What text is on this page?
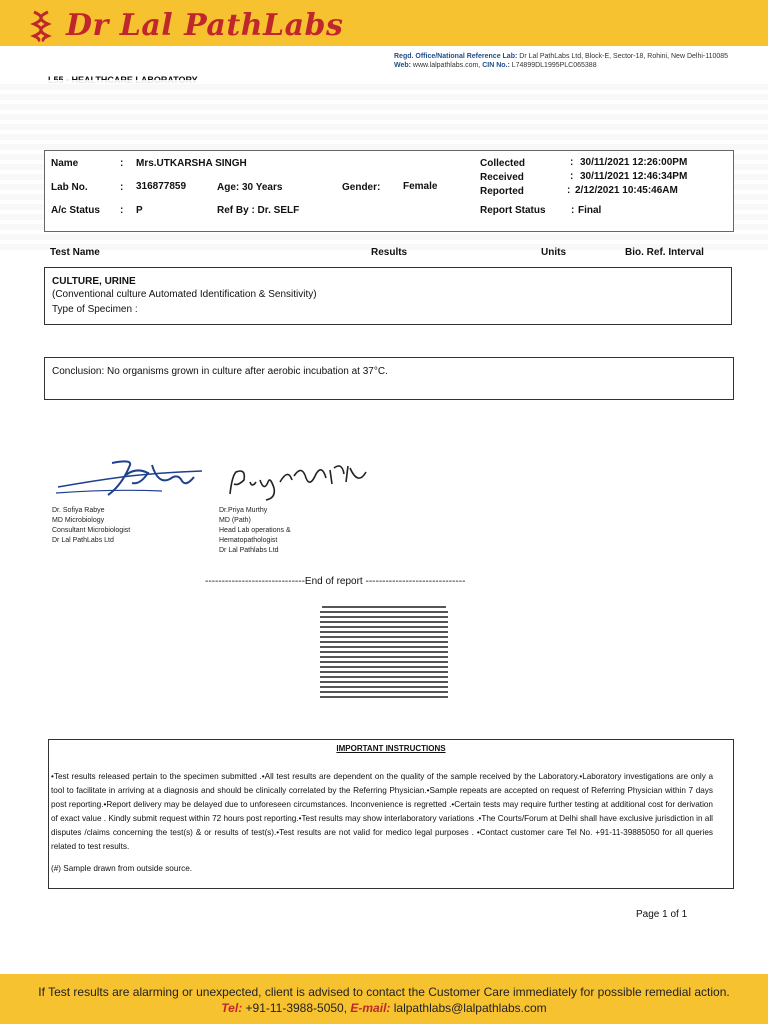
Dr Lal PathLabs
Regd. Office/National Reference Lab: Dr Lal PathLabs Ltd, Block-E, Sector-18, Rohini, New Delhi-110085
Web: www.lalpathlabs.com, CIN No.: L74899DL1995PLC065388
Name	: Mrs.UTKARSHA SINGH
Lab No.	: 316877859	Age: 30 Years	Gender: Female
A/c Status : P	Ref By : Dr. SELF
Collected	: 30/11/2021 12:26:00PM
Received	: 30/11/2021 12:46:34PM
Reported	: 2/12/2021 10:45:46AM
Report Status	: Final
Test Name	Results	Units	Bio. Ref. Interval
CULTURE, URINE
(Conventional culture Automated Identification & Sensitivity)
Type of Specimen :
Conclusion: No organisms grown in culture after aerobic incubation at 37°C.
Dr. Sofiya Rabye
MD Microbiology
Consultant Microbiologist
Dr Lal PathLabs Ltd
Dr.Priya Murthy
MD (Path)
Head Lab operations &
Hematopathologist
Dr Lal Pathlabs Ltd
------------------------------End of report ------------------------------
IMPORTANT INSTRUCTIONS
•Test results released pertain to the specimen submitted .•All test results are dependent on the quality of the sample received by the Laboratory.•Laboratory investigations are only a tool to facilitate in arriving at a diagnosis and should be clinically correlated by the Referring Physician.•Sample repeats are accepted on request of Referring Physician within 7 days post reporting.•Report delivery may be delayed due to unforeseen circumstances. Inconvenience is regretted .•Certain tests may require further testing at additional cost for derivation of exact value . Kindly submit request within 72 hours post reporting.•Test results may show interlaboratory variations .•The Courts/Forum at Delhi shall have exclusive jurisdiction in all disputes /claims concerning the test(s) & or results of test(s).•Test results are not valid for medico legal purposes . •Contact customer care Tel No. +91-11-39885050 for all queries related to test results.
(#) Sample drawn from outside source.
Page 1 of 1
If Test results are alarming or unexpected, client is advised to contact the Customer Care immediately for possible remedial action.
Tel: +91-11-3988-5050, E-mail: lalpathlabs@lalpathlabs.com
